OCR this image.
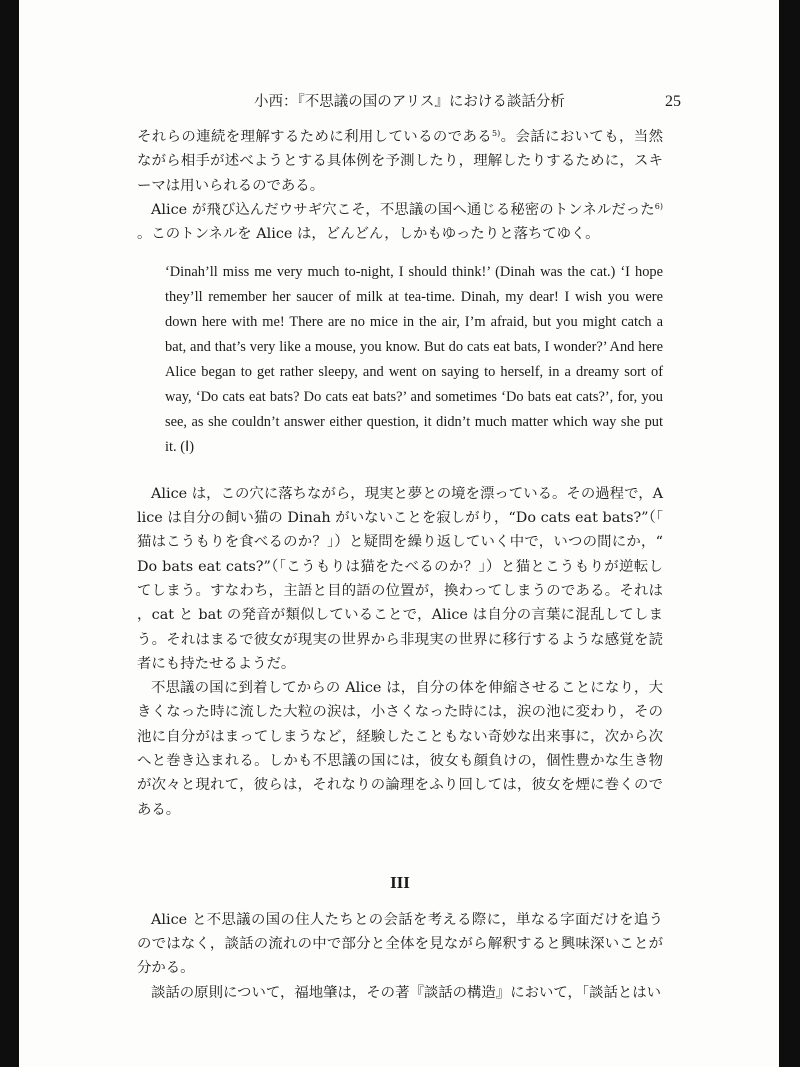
小西：『不思議の国のアリス』における談話分析	25

それらの連続を理解するために利用しているのである$^{5)}$。会話においても，当然ながら相手が述べようとする具体例を予測したり，理解したりするために，スキーマは用いられるのである。

Alice が飛び込んだウサギ穴こそ，不思議の国へ通じる秘密のトンネルだった$^{6)}$。このトンネルを Alice は，どんどん，しかもゆったりと落ちてゆく。

‘Dinah’ll miss me very much to-night, I should think!’ (Dinah was the cat.) ‘I hope they’ll remember her saucer of milk at tea-time. Dinah, my dear! I wish you were down here with me! There are no mice in the air, I’m afraid, but you might catch a bat, and that’s very like a mouse, you know. But do cats eat bats, I wonder?’ And here Alice began to get rather sleepy, and went on saying to herself, in a dreamy sort of way, ‘Do cats eat bats? Do cats eat bats?’ and sometimes ‘Do bats eat cats?’, for, you see, as she couldn’t answer either question, it didn’t much matter which way she put it. (Ⅰ)

Alice は，この穴に落ちながら，現実と夢との境を漂っている。その過程で，Alice は自分の飼い猫の Dinah がいないことを寂しがり，“Do cats eat bats?”（「猫はこうもりを食べるのか？」）と疑問を繰り返していく中で，いつの間にか，“Do bats eat cats?”（「こうもりは猫をたべるのか？」）と猫とこうもりが逆転してしまう。すなわち，主語と目的語の位置が，換わってしまうのである。それは，cat と bat の発音が類似していることで，Alice は自分の言葉に混乱してしまう。それはまるで彼女が現実の世界から非現実の世界に移行するような感覚を読者にも持たせるようだ。

不思議の国に到着してからの Alice は，自分の体を伸縮させることになり，大きくなった時に流した大粒の涙は，小さくなった時には，涙の池に変わり，その池に自分がはまってしまうなど，経験したこともない奇妙な出来事に，次から次へと巻き込まれる。しかも不思議の国には，彼女も顔負けの，個性豊かな生き物が次々と現れて，彼らは，それなりの論理をふり回しては，彼女を煙に巻くのである。

III

Alice と不思議の国の住人たちとの会話を考える際に，単なる字面だけを追うのではなく，談話の流れの中で部分と全体を見ながら解釈すると興味深いことが分かる。

談話の原則について，福地肇は，その著『談話の構造』において，「談話とはい
